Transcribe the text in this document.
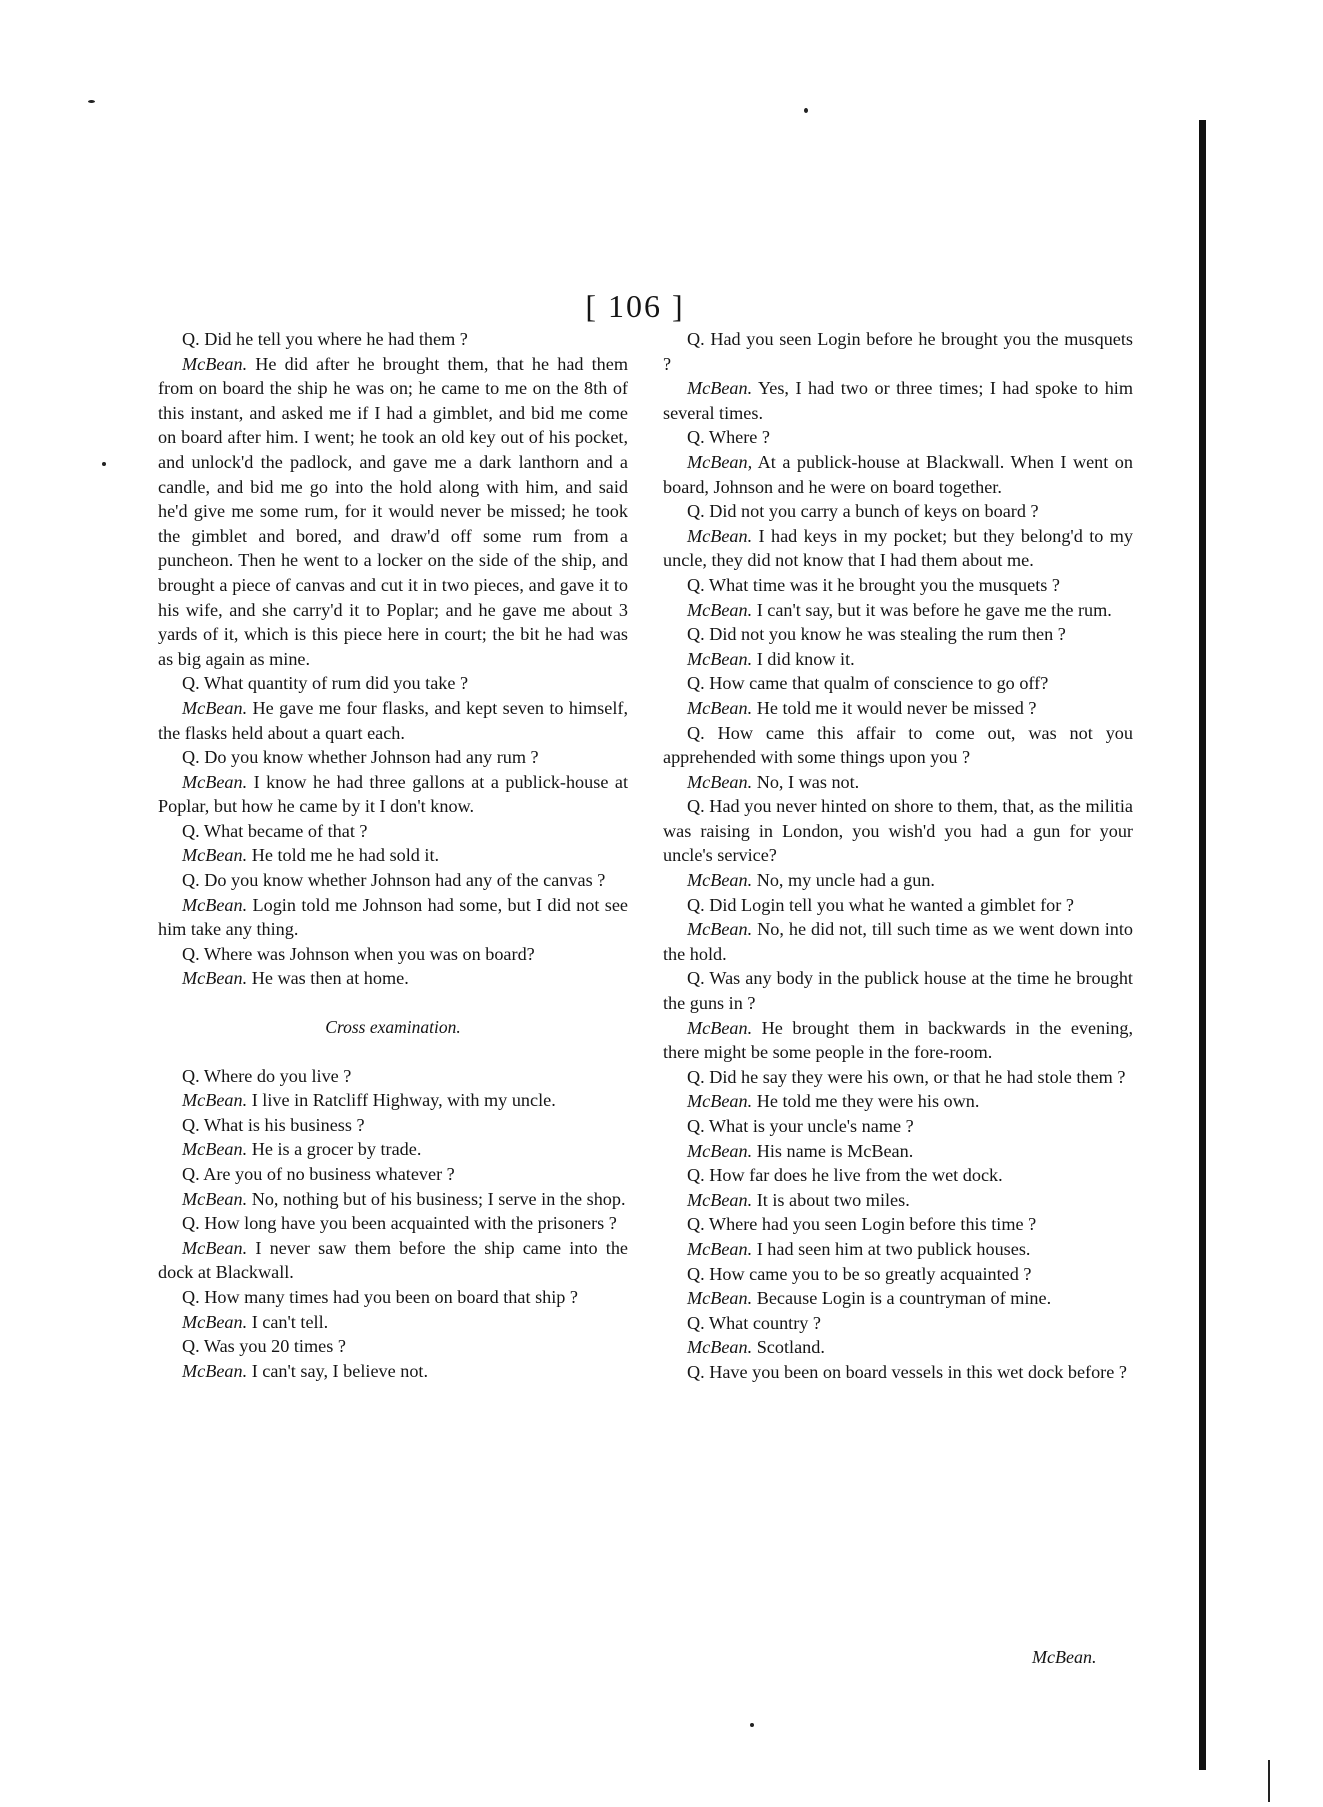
[ 106 ]

Q. Did he tell you where he had them ?

McBean. He did after he brought them, that he had them from on board the ship he was on; he came to me on the 8th of this instant, and asked me if I had a gimblet, and bid me come on board after him. I went; he took an old key out of his pocket, and unlock'd the padlock, and gave me a dark lanthorn and a candle, and bid me go into the hold along with him, and said he'd give me some rum, for it would never be missed; he took the gimblet and bored, and draw'd off some rum from a puncheon. Then he went to a locker on the side of the ship, and brought a piece of canvas and cut it in two pieces, and gave it to his wife, and she carry'd it to Poplar; and he gave me about 3 yards of it, which is this piece here in court; the bit he had was as big again as mine.

Q. What quantity of rum did you take ?

McBean. He gave me four flasks, and kept seven to himself, the flasks held about a quart each.

Q. Do you know whether Johnson had any rum ?

McBean. I know he had three gallons at a publick-house at Poplar, but how he came by it I don't know.

Q. What became of that ?

McBean. He told me he had sold it.

Q. Do you know whether Johnson had any of the canvas ?

McBean. Login told me Johnson had some, but I did not see him take any thing.

Q. Where was Johnson when you was on board?

McBean. He was then at home.

Cross examination.

Q. Where do you live ?

McBean. I live in Ratcliff Highway, with my uncle.

Q. What is his business ?

McBean. He is a grocer by trade.

Q. Are you of no business whatever ?

McBean. No, nothing but of his business; I serve in the shop.

Q. How long have you been acquainted with the prisoners ?

McBean. I never saw them before the ship came into the dock at Blackwall.

Q. How many times had you been on board that ship ?

McBean. I can't tell.

Q. Was you 20 times ?

McBean. I can't say, I believe not.

Q. Had you seen Login before he brought you the musquets ?

McBean. Yes, I had two or three times; I had spoke to him several times.

Q. Where ?

McBean, At a publick-house at Blackwall. When I went on board, Johnson and he were on board together.

Q. Did not you carry a bunch of keys on board ?

McBean. I had keys in my pocket; but they belong'd to my uncle, they did not know that I had them about me.

Q. What time was it he brought you the musquets ?

McBean. I can't say, but it was before he gave me the rum.

Q. Did not you know he was stealing the rum then ?

McBean. I did know it.

Q. How came that qualm of conscience to go off?

McBean. He told me it would never be missed ?

Q. How came this affair to come out, was not you apprehended with some things upon you ?

McBean. No, I was not.

Q. Had you never hinted on shore to them, that, as the militia was raising in London, you wish'd you had a gun for your uncle's service?

McBean. No, my uncle had a gun.

Q. Did Login tell you what he wanted a gimblet for ?

McBean. No, he did not, till such time as we went down into the hold.

Q. Was any body in the publick house at the time he brought the guns in ?

McBean. He brought them in backwards in the evening, there might be some people in the fore-room.

Q. Did he say they were his own, or that he had stole them ?

McBean. He told me they were his own.

Q. What is your uncle's name ?

McBean. His name is McBean.

Q. How far does he live from the wet dock.

McBean. It is about two miles.

Q. Where had you seen Login before this time ?

McBean. I had seen him at two publick houses.

Q. How came you to be so greatly acquainted ?

McBean. Because Login is a countryman of mine.

Q. What country ?

McBean. Scotland.

Q. Have you been on board vessels in this wet dock before ?

McBean.
